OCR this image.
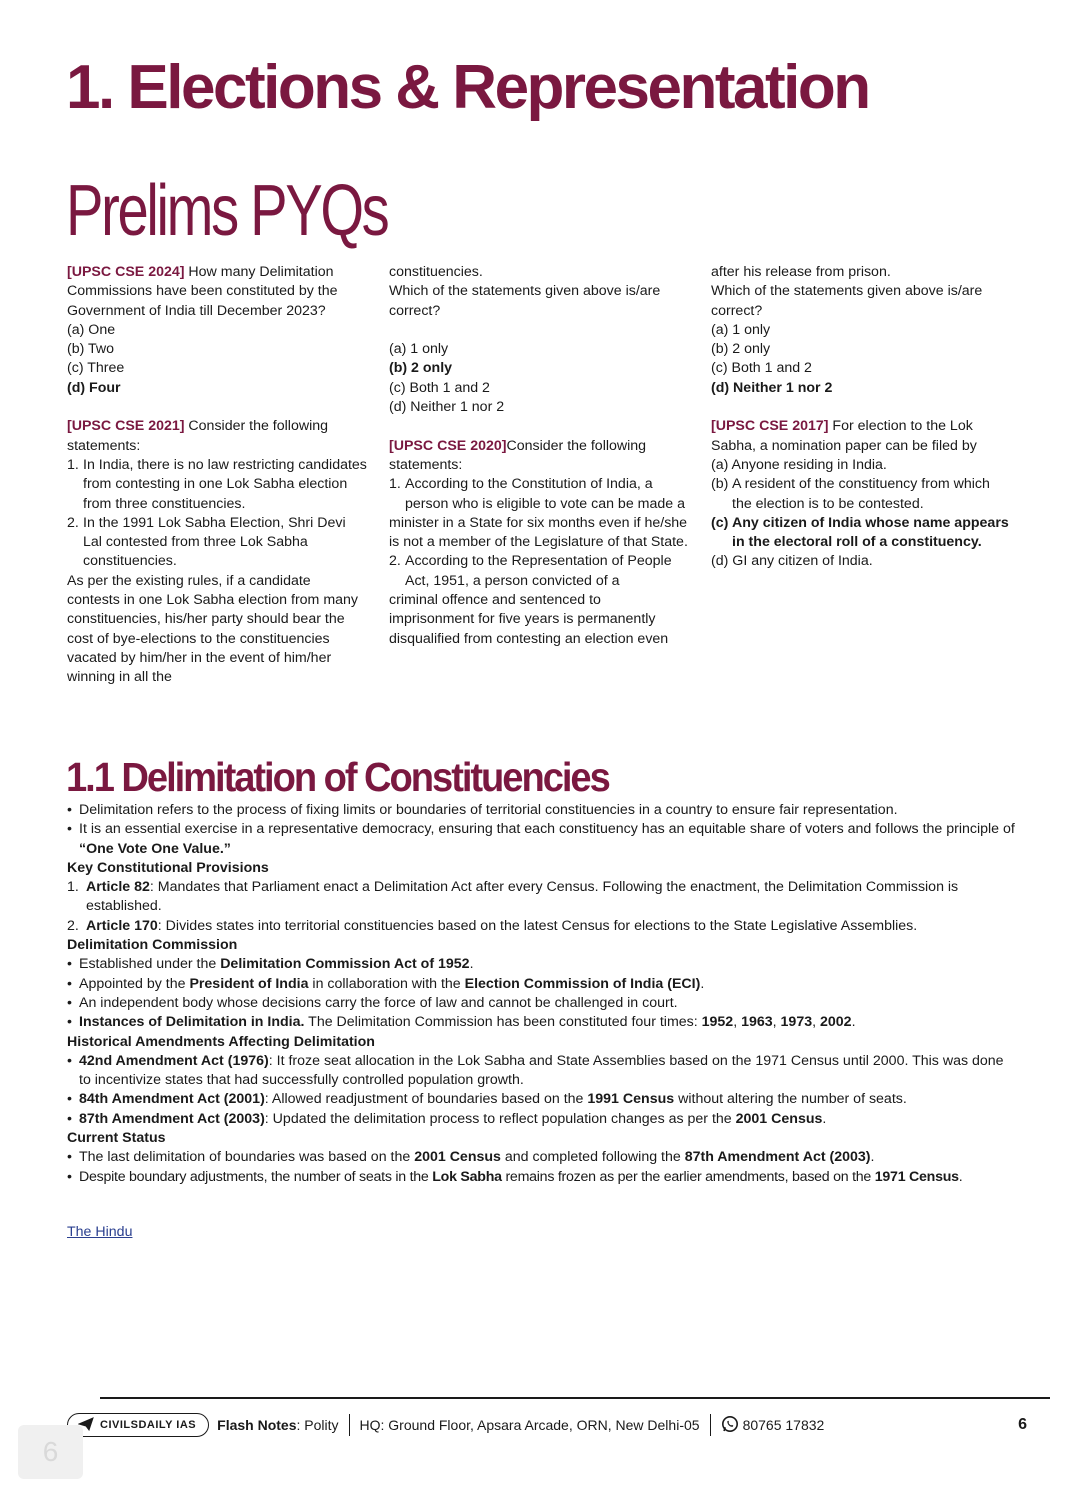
1. Elections & Representation
Prelims PYQs

[UPSC CSE 2024] How many Delimitation Commissions have been constituted by the Government of India till December 2023?

(a) One

(b) Two

(c) Three

(d) Four

[UPSC CSE 2021] Consider the following statements:

1. In India, there is no law restricting candidates from contesting in one Lok Sabha election from three constituencies.
2. In the 1991 Lok Sabha Election, Shri Devi Lal contested from three Lok Sabha constituencies.

As per the existing rules, if a candidate contests in one Lok Sabha election from many constituencies, his/her party should bear the cost of bye-elections to the constituencies vacated by him/her in the event of him/her winning in all the

constituencies.

Which of the statements given above is/are correct?

(a) 1 only

(b) 2 only

(c) Both 1 and 2

(d) Neither 1 nor 2

[UPSC CSE 2020]Consider the following statements:

1. According to the Constitution of India, a person who is eligible to vote can be made a

minister in a State for six months even if he/she is not a member of the Legislature of that State.

2. According to the Representation of People Act, 1951, a person convicted of a

criminal offence and sentenced to imprisonment for five years is permanently disqualified from contesting an election even

after his release from prison.

Which of the statements given above is/are correct?

(a) 1 only

(b) 2 only

(c) Both 1 and 2

(d) Neither 1 nor 2

[UPSC CSE 2017] For election to the Lok Sabha, a nomination paper can be filed by

(a) Anyone residing in India.

(b) A resident of the constituency from which the election is to be contested.
(c) Any citizen of India whose name appears in the electoral roll of a constituency.

(d) GI any citizen of India.

1.1 Delimitation of Constituencies
• Delimitation refers to the process of fixing limits or boundaries of territorial constituencies in a country to ensure fair representation.
• It is an essential exercise in a representative democracy, ensuring that each constituency has an equitable share of voters and follows the principle of “One Vote One Value.”

Key Constitutional Provisions

1. Article 82: Mandates that Parliament enact a Delimitation Act after every Census. Following the enactment, the Delimitation Commission is established.
2. Article 170: Divides states into territorial constituencies based on the latest Census for elections to the State Legislative Assemblies.

Delimitation Commission

• Established under the Delimitation Commission Act of 1952.
• Appointed by the President of India in collaboration with the Election Commission of India (ECI).
• An independent body whose decisions carry the force of law and cannot be challenged in court.
• Instances of Delimitation in India. The Delimitation Commission has been constituted four times: 1952, 1963, 1973, 2002.

Historical Amendments Affecting Delimitation

• 42nd Amendment Act (1976): It froze seat allocation in the Lok Sabha and State Assemblies based on the 1971 Census until 2000. This was done to incentivize states that had successfully controlled population growth.
• 84th Amendment Act (2001): Allowed readjustment of boundaries based on the 1991 Census without altering the number of seats.
• 87th Amendment Act (2003): Updated the delimitation process to reflect population changes as per the 2001 Census.

Current Status

• The last delimitation of boundaries was based on the 2001 Census and completed following the 87th Amendment Act (2003).
• Despite boundary adjustments, the number of seats in the Lok Sabha remains frozen as per the earlier amendments, based on the 1971 Census.
The Hindu
CIVILSDAILY IAS Flash Notes: Polity HQ: Ground Floor, Apsara Arcade, ORN, New Delhi-05	80765 17832	6
6
